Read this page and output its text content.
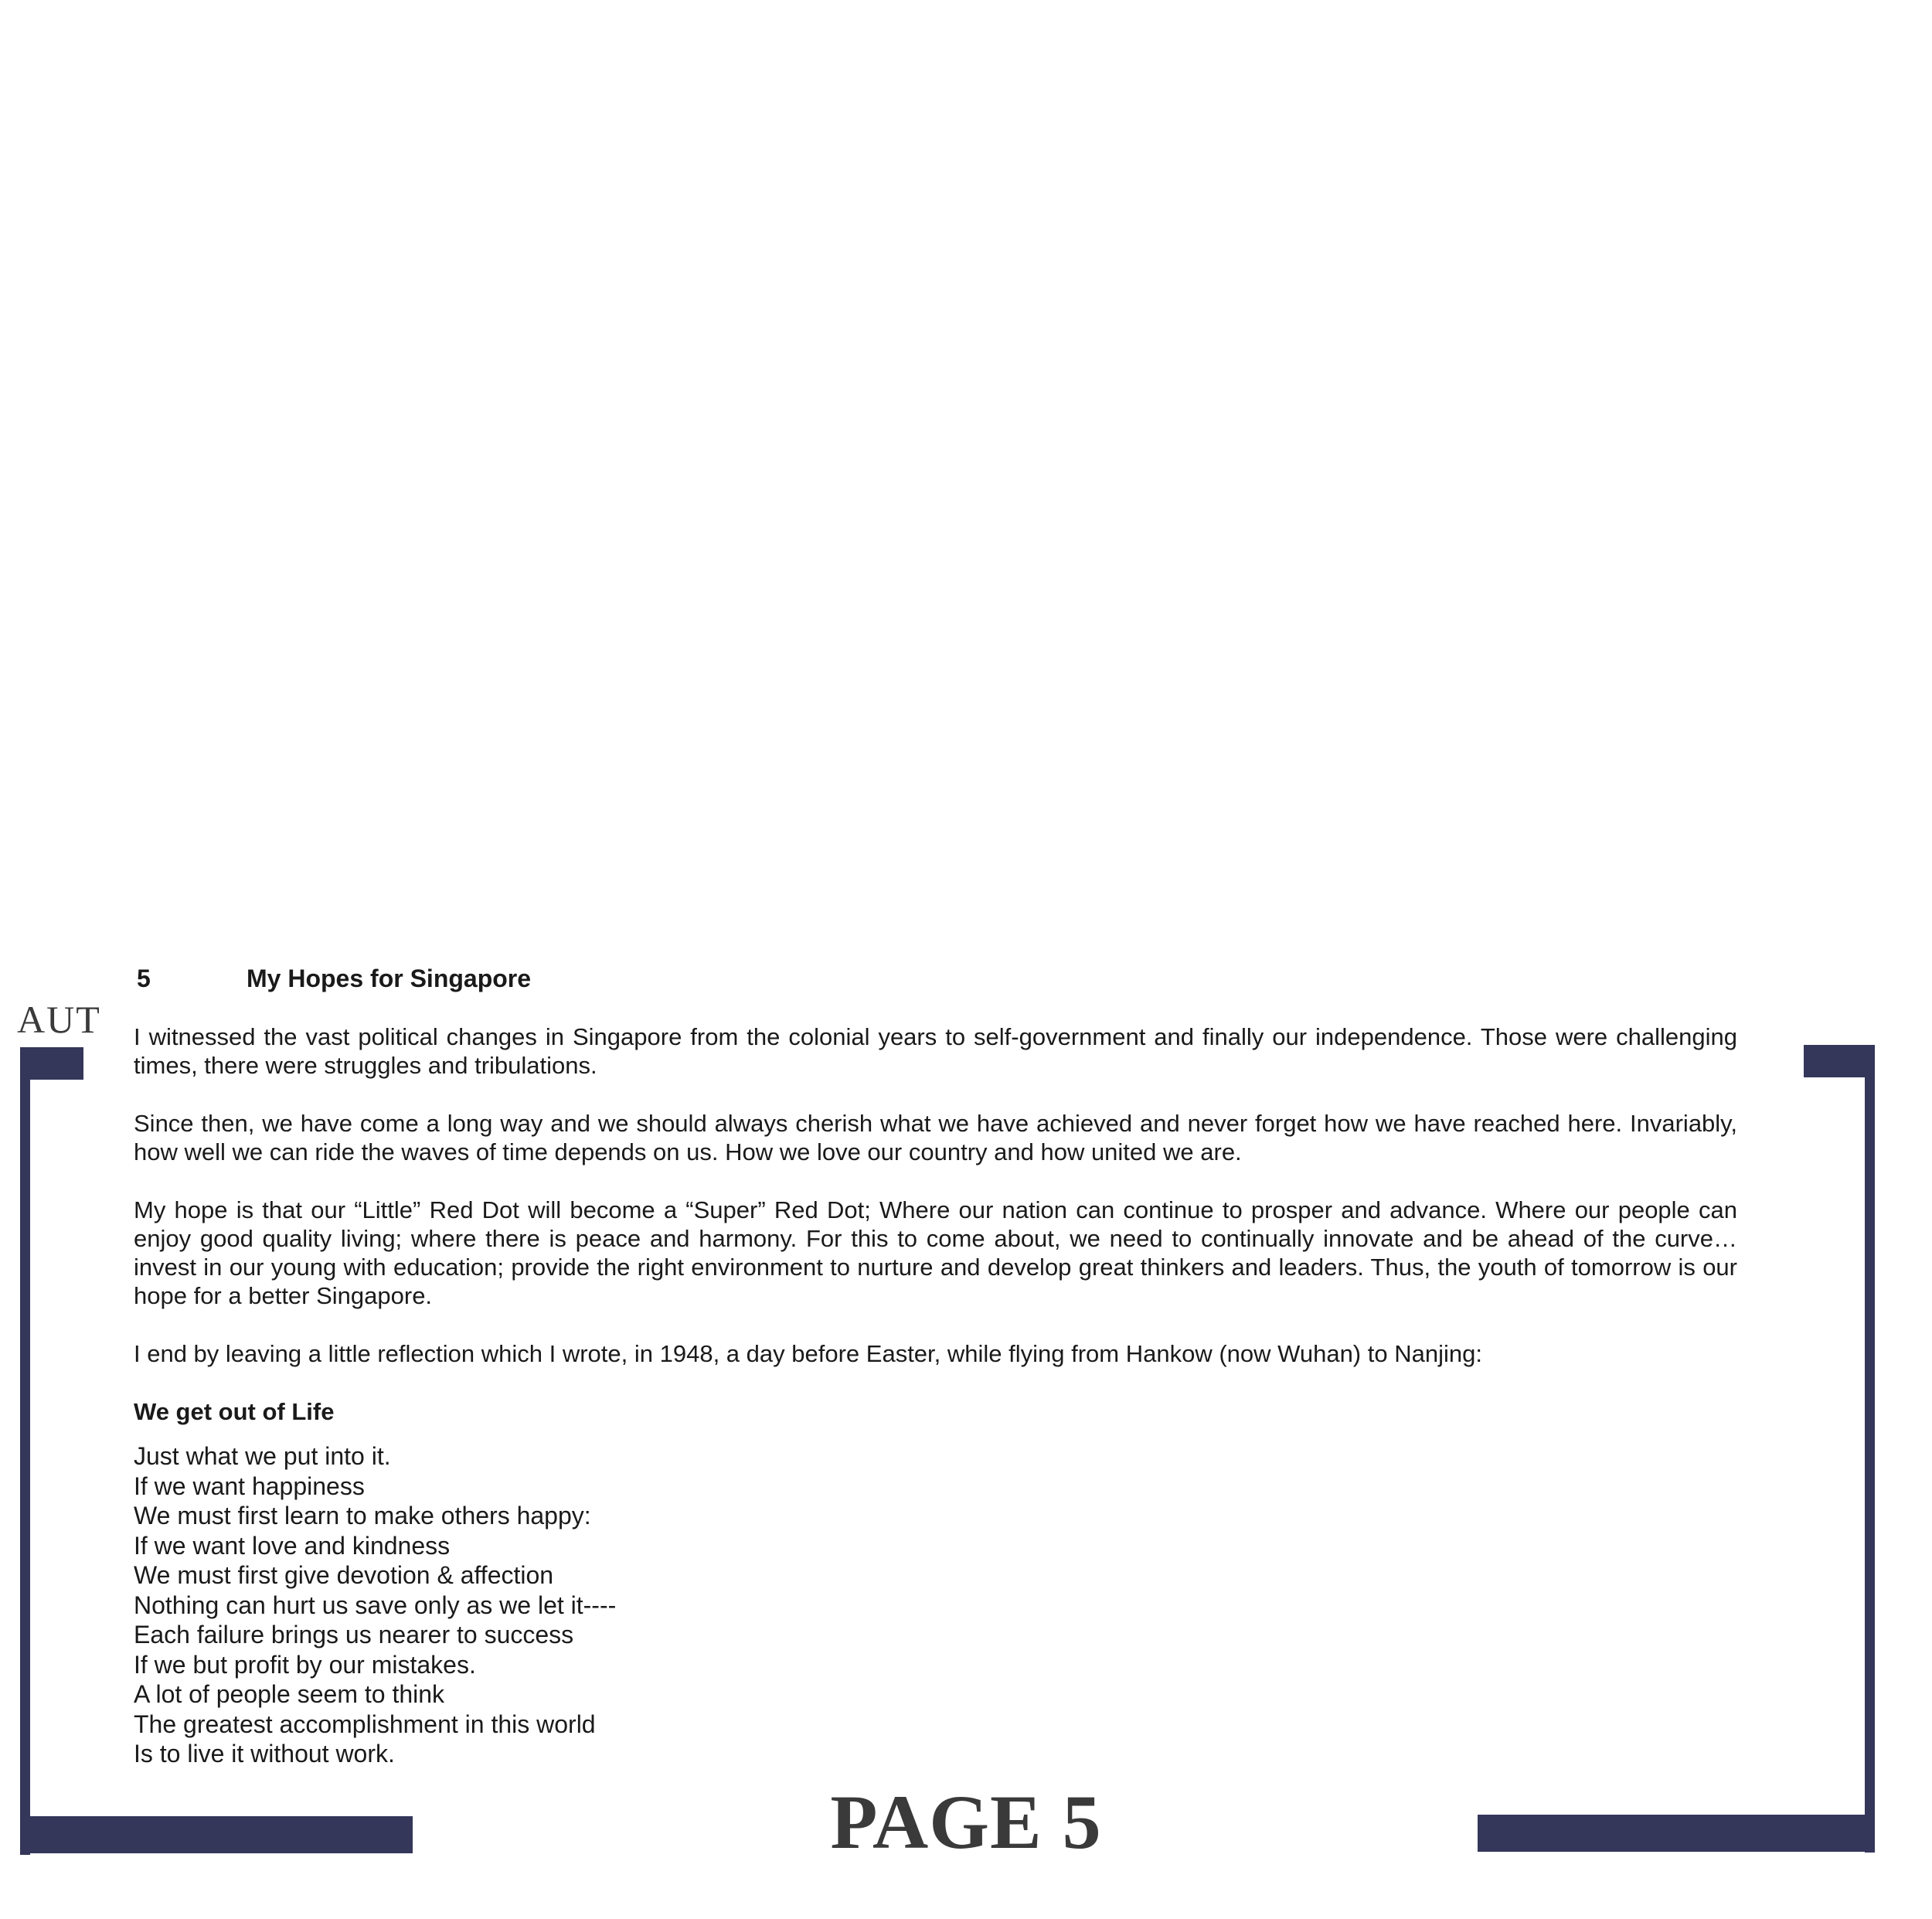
AUT
5	My Hopes for Singapore

I witnessed the vast political changes in Singapore from the colonial years to self-government and finally our independence. Those were challenging times, there were struggles and tribulations.

Since then, we have come a long way and we should always cherish what we have achieved and never forget how we have reached here. Invariably, how well we can ride the waves of time depends on us. How we love our country and how united we are.

My hope is that our “Little” Red Dot will become a “Super” Red Dot; Where our nation can continue to prosper and advance. Where our people can enjoy good quality living; where there is peace and harmony. For this to come about, we need to continually innovate and be ahead of the curve…invest in our young with education; provide the right environment to nurture and develop great thinkers and leaders. Thus, the youth of tomorrow is our hope for a better Singapore.

I end by leaving a little reflection which I wrote, in 1948, a day before Easter, while flying from Hankow (now Wuhan) to Nanjing:

We get out of Life
Just what we put into it.
If we want happiness
We must first learn to make others happy:
If we want love and kindness
We must first give devotion & affection
Nothing can hurt us save only as we let it----
Each failure brings us nearer to success
If we but profit by our mistakes.
A lot of people seem to think
The greatest accomplishment in this world
Is to live it without work.
PAGE 5
